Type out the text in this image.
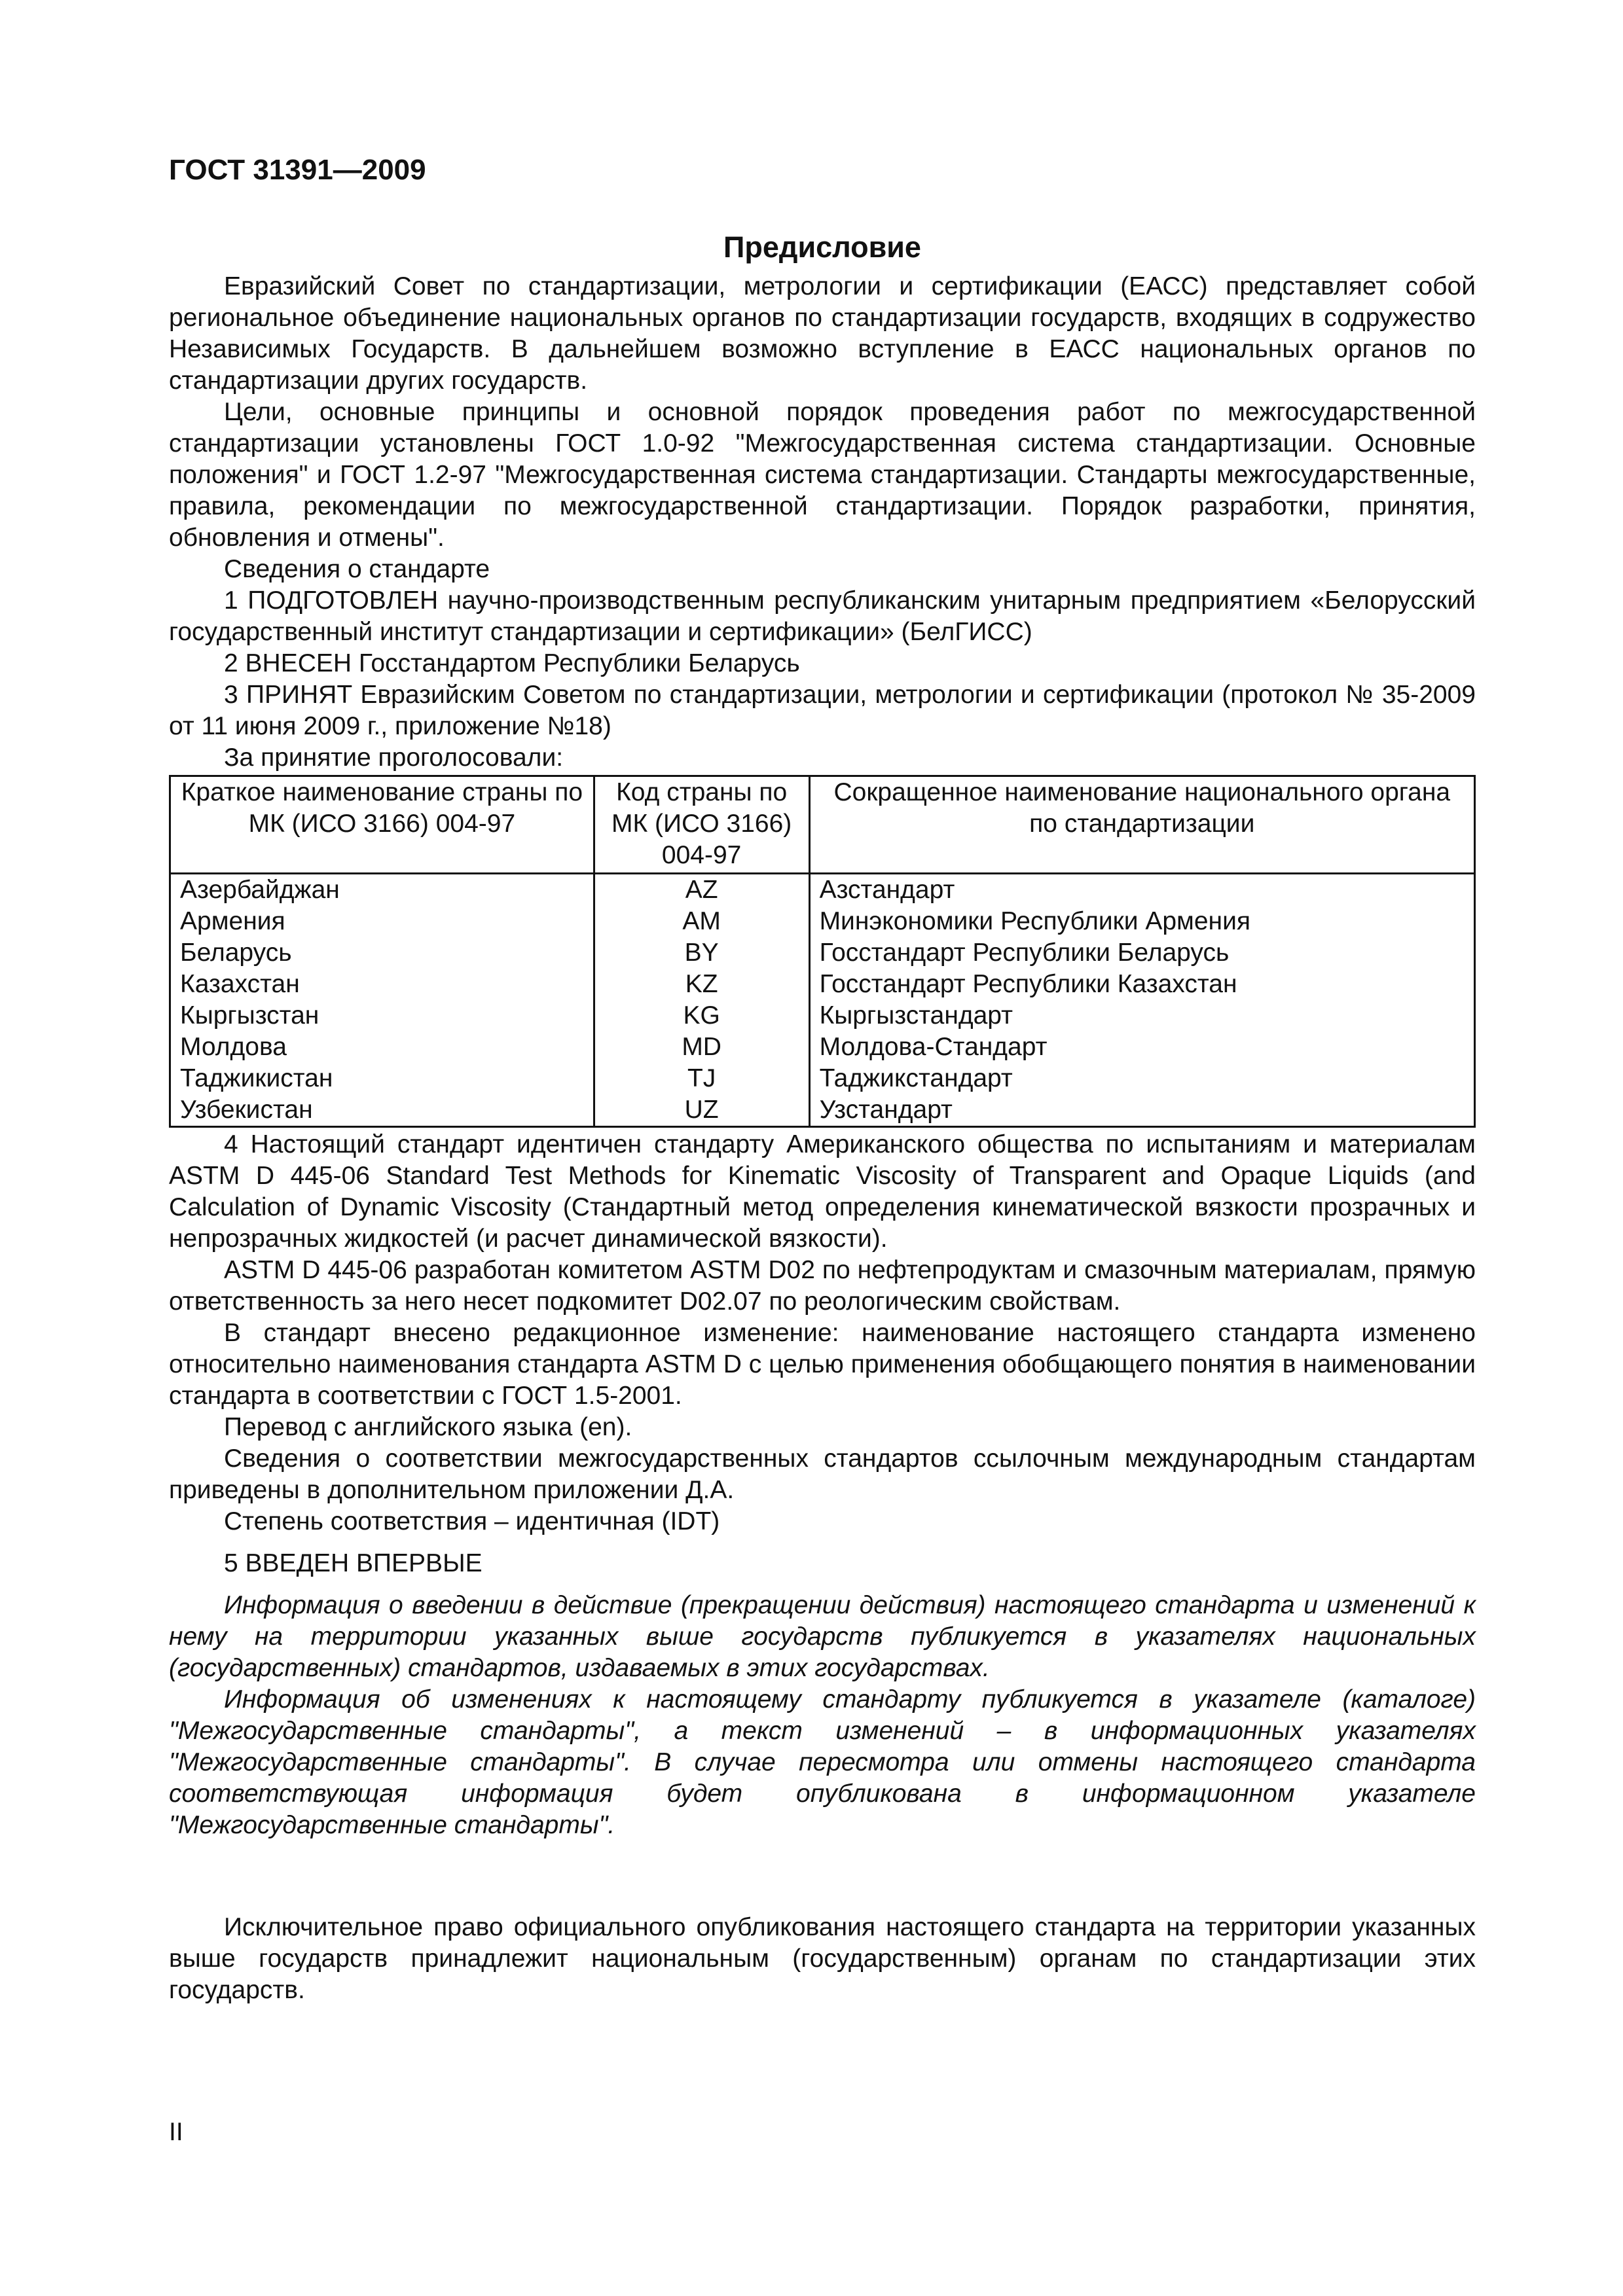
ГОСТ 31391—2009
Предисловие

Евразийский Совет по стандартизации, метрологии и сертификации (ЕАСС) представляет собой региональное объединение национальных органов по стандартизации государств, входящих в содружество Независимых Государств. В дальнейшем возможно вступление в ЕАСС национальных органов по стандартизации других государств.

Цели, основные принципы и основной порядок проведения работ по межгосударственной стандартизации установлены ГОСТ 1.0-92 "Межгосударственная система стандартизации. Основные положения" и ГОСТ 1.2-97 "Межгосударственная система стандартизации. Стандарты межгосударственные, правила, рекомендации по межгосударственной стандартизации. Порядок разработки, принятия, обновления и отмены".

Сведения о стандарте

1 ПОДГОТОВЛЕН научно-производственным республиканским унитарным предприятием «Белорусский государственный институт стандартизации и сертификации» (БелГИСС)

2 ВНЕСЕН Госстандартом Республики Беларусь

3 ПРИНЯТ Евразийским Советом по стандартизации, метрологии и сертификации (протокол № 35-2009 от 11 июня 2009 г., приложение №18)

За принятие проголосовали:

Краткое наименование страны по МК (ИСО 3166) 004-97	Код страны по МК (ИСО 3166) 004-97	Сокращенное наименование национального органа по стандартизации
Азербайджан	AZ	Азстандарт
Армения	AM	Минэкономики Республики Армения
Беларусь	BY	Госстандарт Республики Беларусь
Казахстан	KZ	Госстандарт Республики Казахстан
Кыргызстан	KG	Кыргызстандарт
Молдова	MD	Молдова-Стандарт
Таджикистан	TJ	Таджикстандарт
Узбекистан	UZ	Узстандарт

4 Настоящий стандарт идентичен стандарту Американского общества по испытаниям и материалам ASTM D 445-06 Standard Test Methods for Kinematic Viscosity of Transparent and Opaque Liquids (and Calculation of Dynamic Viscosity (Стандартный метод определения кинематической вязкости прозрачных и непрозрачных жидкостей (и расчет динамической вязкости).

ASTM D 445-06 разработан комитетом ASTM D02 по нефтепродуктам и смазочным материалам, прямую ответственность за него несет подкомитет D02.07 по реологическим свойствам.

В стандарт внесено редакционное изменение: наименование настоящего стандарта изменено относительно наименования стандарта ASTM D с целью применения обобщающего понятия в наименовании стандарта в соответствии с ГОСТ 1.5-2001.

Перевод с английского языка (en).

Сведения о соответствии межгосударственных стандартов ссылочным международным стандартам приведены в дополнительном приложении Д.А.

Степень соответствия – идентичная (IDT)

5 ВВЕДЕН ВПЕРВЫЕ

Информация о введении в действие (прекращении действия) настоящего стандарта и изменений к нему на территории указанных выше государств публикуется в указателях национальных (государственных) стандартов, издаваемых в этих государствах.

Информация об изменениях к настоящему стандарту публикуется в указателе (каталоге) "Межгосударственные стандарты", а текст изменений – в информационных указателях "Межгосударственные стандарты". В случае пересмотра или отмены настоящего стандарта соответствующая информация будет опубликована в информационном указателе "Межгосударственные стандарты".

Исключительное право официального опубликования настоящего стандарта на территории указанных выше государств принадлежит национальным (государственным) органам по стандартизации этих государств.

II
